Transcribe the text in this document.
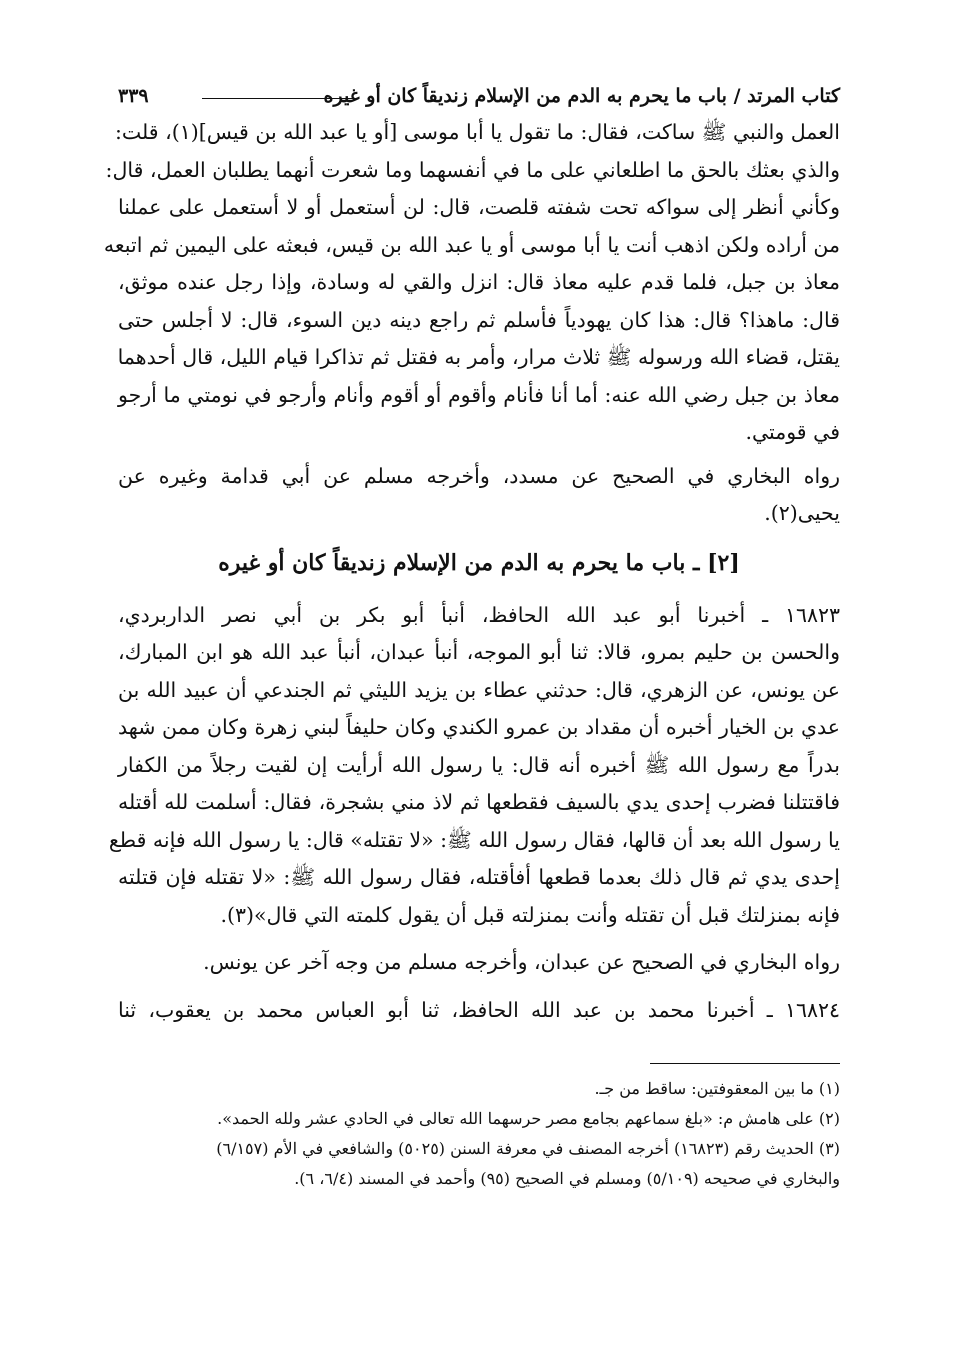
كتاب المرتد / باب ما يحرم به الدم من الإسلام زنديقاً كان أو غيره
٣٣٩
العمل والنبي ﷺ ساكت، فقال: ما تقول يا أبا موسى [أو يا عبد الله بن قيس](١)، قلت:
والذي بعثك بالحق ما اطلعاني على ما في أنفسهما وما شعرت أنهما يطلبان العمل، قال:
وكأني أنظر إلى سواكه تحت شفته قلصت، قال: لن أستعمل أو لا أستعمل على عملنا
من أراده ولكن اذهب أنت يا أبا موسى أو يا عبد الله بن قيس، فبعثه على اليمين ثم اتبعه
معاذ بن جبل، فلما قدم عليه معاذ قال: انزل والقي له وسادة، وإذا رجل عنده موثق،
قال: ماهذا؟ قال: هذا كان يهودياً فأسلم ثم راجع دينه دين السوء، قال: لا أجلس حتى
يقتل، قضاء الله ورسوله ﷺ ثلاث مرار، وأمر به فقتل ثم تذاكرا قيام الليل، قال أحدهما
معاذ بن جبل رضي الله عنه: أما أنا فأنام وأقوم أو أقوم وأنام وأرجو في نومتي ما أرجو
في قومتي.
رواه البخاري في الصحيح عن مسدد، وأخرجه مسلم عن أبي قدامة وغيره عن
يحيى(٢).
[٢] ـ باب ما يحرم به الدم من الإسلام زنديقاً كان أو غيره
١٦٨٢٣ ـ أخبرنا أبو عبد الله الحافظ، أنبأ أبو بكر بن أبي نصر الداربردي،
والحسن بن حليم بمرو، قالا: ثنا أبو الموجه، أنبأ عبدان، أنبأ عبد الله هو ابن المبارك،
عن يونس، عن الزهري، قال: حدثني عطاء بن يزيد الليثي ثم الجندعي أن عبيد الله بن
عدي بن الخيار أخبره أن مقداد بن عمرو الكندي وكان حليفاً لبني زهرة وكان ممن شهد
بدراً مع رسول الله ﷺ أخبره أنه قال: يا رسول الله أرأيت إن لقيت رجلاً من الكفار
فاقتتلنا فضرب إحدى يدي بالسيف فقطعها ثم لاذ مني بشجرة، فقال: أسلمت لله أقتله
يا رسول الله بعد أن قالها، فقال رسول الله ﷺ: «لا تقتله» قال: يا رسول الله فإنه قطع
إحدى يدي ثم قال ذلك بعدما قطعها أفأقتله، فقال رسول الله ﷺ: «لا تقتله فإن قتلته
فإنه بمنزلتك قبل أن تقتله وأنت بمنزلته قبل أن يقول كلمته التي قال»(٣).
رواه البخاري في الصحيح عن عبدان، وأخرجه مسلم من وجه آخر عن يونس.
١٦٨٢٤ ـ أخبرنا محمد بن عبد الله الحافظ، ثنا أبو العباس محمد بن يعقوب، ثنا
(١) ما بين المعقوفتين: ساقط من جـ.
(٢) على هامش م: «بلغ سماعهم بجامع مصر حرسهما الله تعالى في الحادي عشر ولله الحمد».
(٣) الحديث رقم (١٦٨٢٣) أخرجه المصنف في معرفة السنن (٥٠٢٥) والشافعي في الأم (٦/١٥٧)
والبخاري في صحيحه (٥/١٠٩) ومسلم في الصحيح (٩٥) وأحمد في المسند (٦/٤، ٦).
